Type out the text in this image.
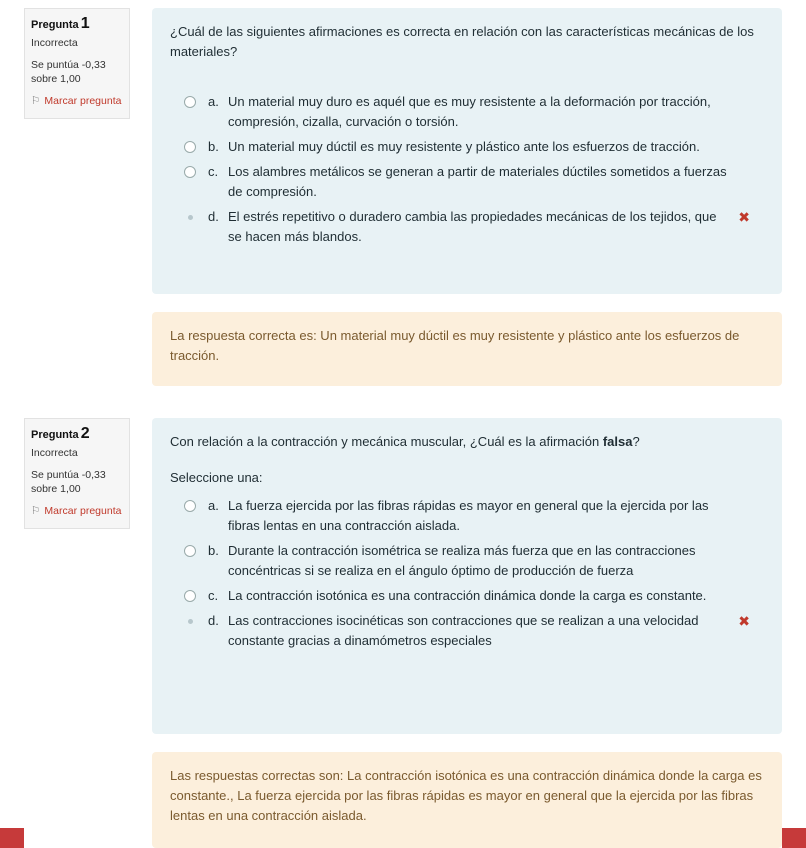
Pregunta 1
Incorrecta
Se puntúa -0,33 sobre 1,00
⚐ Marcar pregunta
¿Cuál de las siguientes afirmaciones es correcta en relación con las características mecánicas de los materiales?
a. Un material muy duro es aquél que es muy resistente a la deformación por tracción, compresión, cizalla, curvación o torsión.
b. Un material muy dúctil es muy resistente y plástico ante los esfuerzos de tracción.
c. Los alambres metálicos se generan a partir de materiales dúctiles sometidos a fuerzas de compresión.
d. El estrés repetitivo o duradero cambia las propiedades mecánicas de los tejidos, que se hacen más blandos.
✖
La respuesta correcta es: Un material muy dúctil es muy resistente y plástico ante los esfuerzos de tracción.
Pregunta 2
Incorrecta
Se puntúa -0,33 sobre 1,00
⚐ Marcar pregunta
Con relación a la contracción y mecánica muscular, ¿Cuál es la afirmación falsa?
Seleccione una:
a. La fuerza ejercida por las fibras rápidas es mayor en general que la ejercida por las fibras lentas en una contracción aislada.
b. Durante la contracción isométrica se realiza más fuerza que en las contracciones concéntricas si se realiza en el ángulo óptimo de producción de fuerza
c. La contracción isotónica es una contracción dinámica donde la carga es constante.
d. Las contracciones isocinéticas son contracciones que se realizan a una velocidad constante gracias a dinamómetros especiales
✖
Las respuestas correctas son: La contracción isotónica es una contracción dinámica donde la carga es constante., La fuerza ejercida por las fibras rápidas es mayor en general que la ejercida por las fibras lentas en una contracción aislada.
